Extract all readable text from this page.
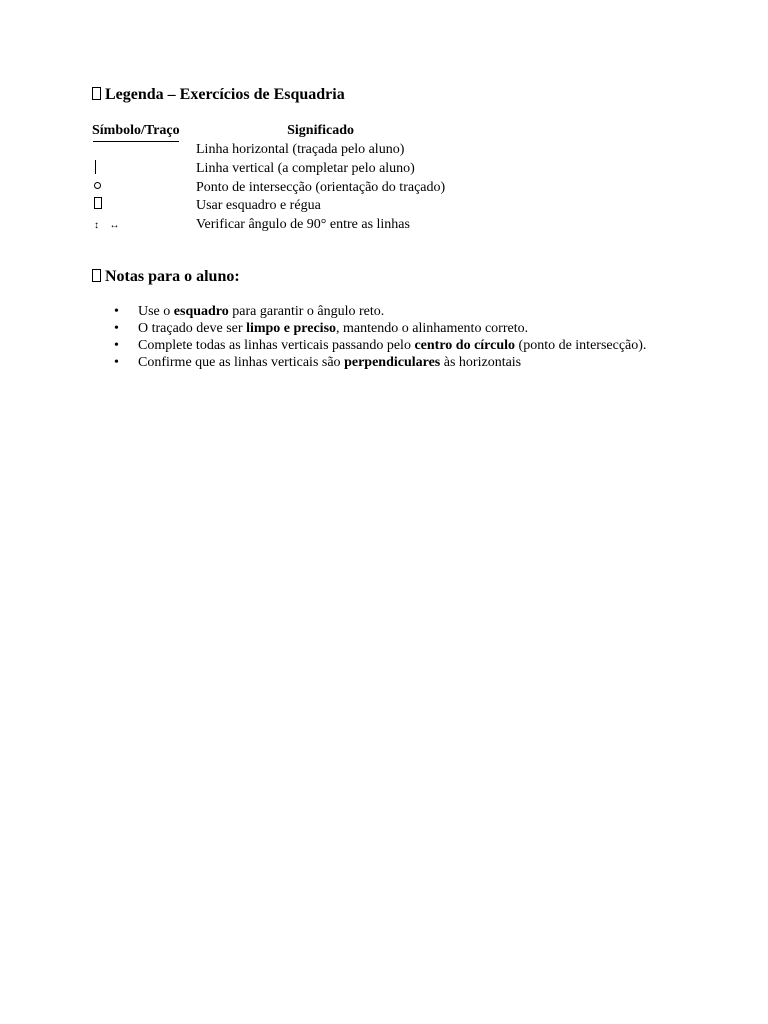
Legenda – Exercícios de Esquadria
Símbolo/Traço	Significado
	Linha horizontal (traçada pelo aluno)
	Linha vertical (a completar pelo aluno)
	Ponto de intersecção (orientação do traçado)
	Usar esquadro e régua
↕ ↔	Verificar ângulo de 90° entre as linhas
Notas para o aluno:
• Use o esquadro para garantir o ângulo reto.
• O traçado deve ser limpo e preciso, mantendo o alinhamento correto.
• Complete todas as linhas verticais passando pelo centro do círculo (ponto de intersecção).
• Confirme que as linhas verticais são perpendiculares às horizontais
